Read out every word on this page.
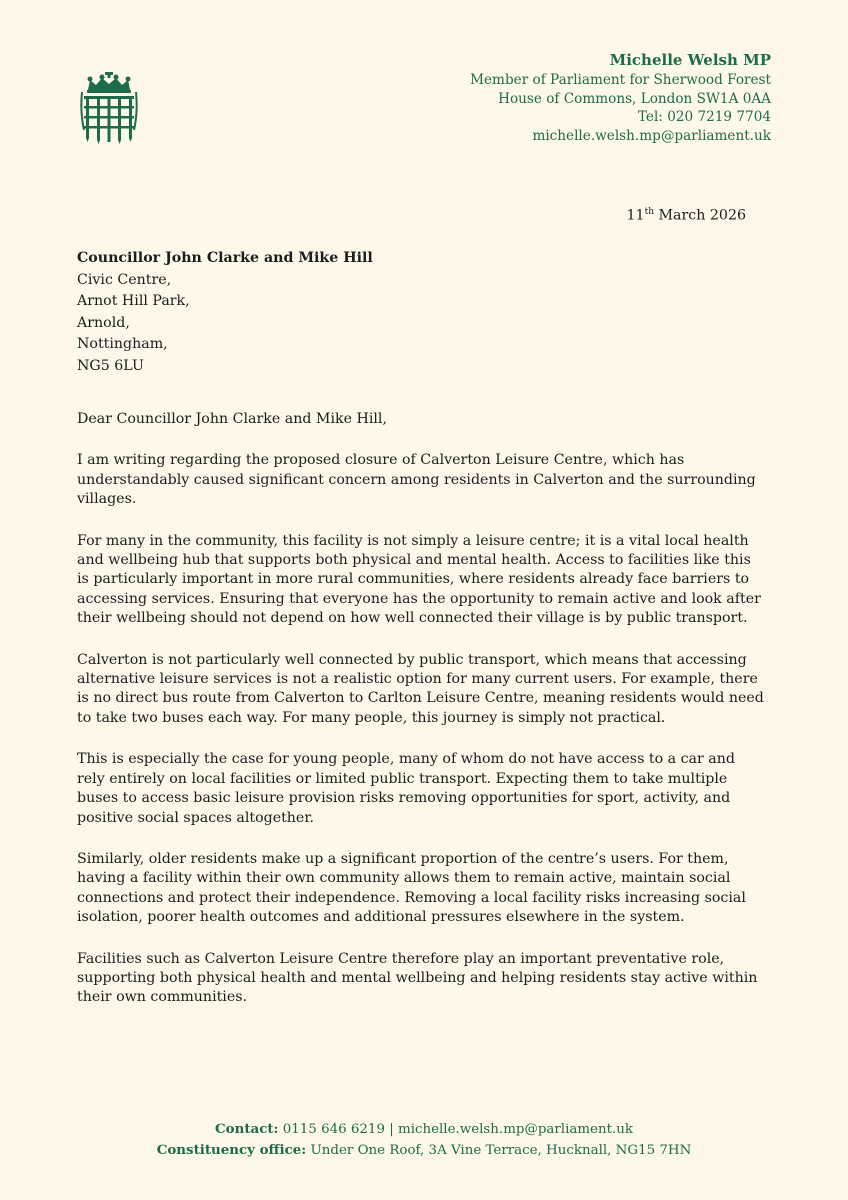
Michelle Welsh MP
Member of Parliament for Sherwood Forest
House of Commons, London SW1A 0AA
Tel: 020 7219 7704
michelle.welsh.mp@parliament.uk
11th March 2026
Councillor John Clarke and Mike Hill
Civic Centre,
Arnot Hill Park,
Arnold,
Nottingham,
NG5 6LU

Dear Councillor John Clarke and Mike Hill,

I am writing regarding the proposed closure of Calverton Leisure Centre, which has understandably caused significant concern among residents in Calverton and the surrounding villages.

For many in the community, this facility is not simply a leisure centre; it is a vital local health and wellbeing hub that supports both physical and mental health. Access to facilities like this is particularly important in more rural communities, where residents already face barriers to accessing services. Ensuring that everyone has the opportunity to remain active and look after their wellbeing should not depend on how well connected their village is by public transport.

Calverton is not particularly well connected by public transport, which means that accessing alternative leisure services is not a realistic option for many current users. For example, there is no direct bus route from Calverton to Carlton Leisure Centre, meaning residents would need to take two buses each way. For many people, this journey is simply not practical.

This is especially the case for young people, many of whom do not have access to a car and rely entirely on local facilities or limited public transport. Expecting them to take multiple buses to access basic leisure provision risks removing opportunities for sport, activity, and positive social spaces altogether.

Similarly, older residents make up a significant proportion of the centre’s users. For them, having a facility within their own community allows them to remain active, maintain social connections and protect their independence. Removing a local facility risks increasing social isolation, poorer health outcomes and additional pressures elsewhere in the system.

Facilities such as Calverton Leisure Centre therefore play an important preventative role, supporting both physical health and mental wellbeing and helping residents stay active within their own communities.

Contact: 0115 646 6219 | michelle.welsh.mp@parliament.uk
Constituency office: Under One Roof, 3A Vine Terrace, Hucknall, NG15 7HN
